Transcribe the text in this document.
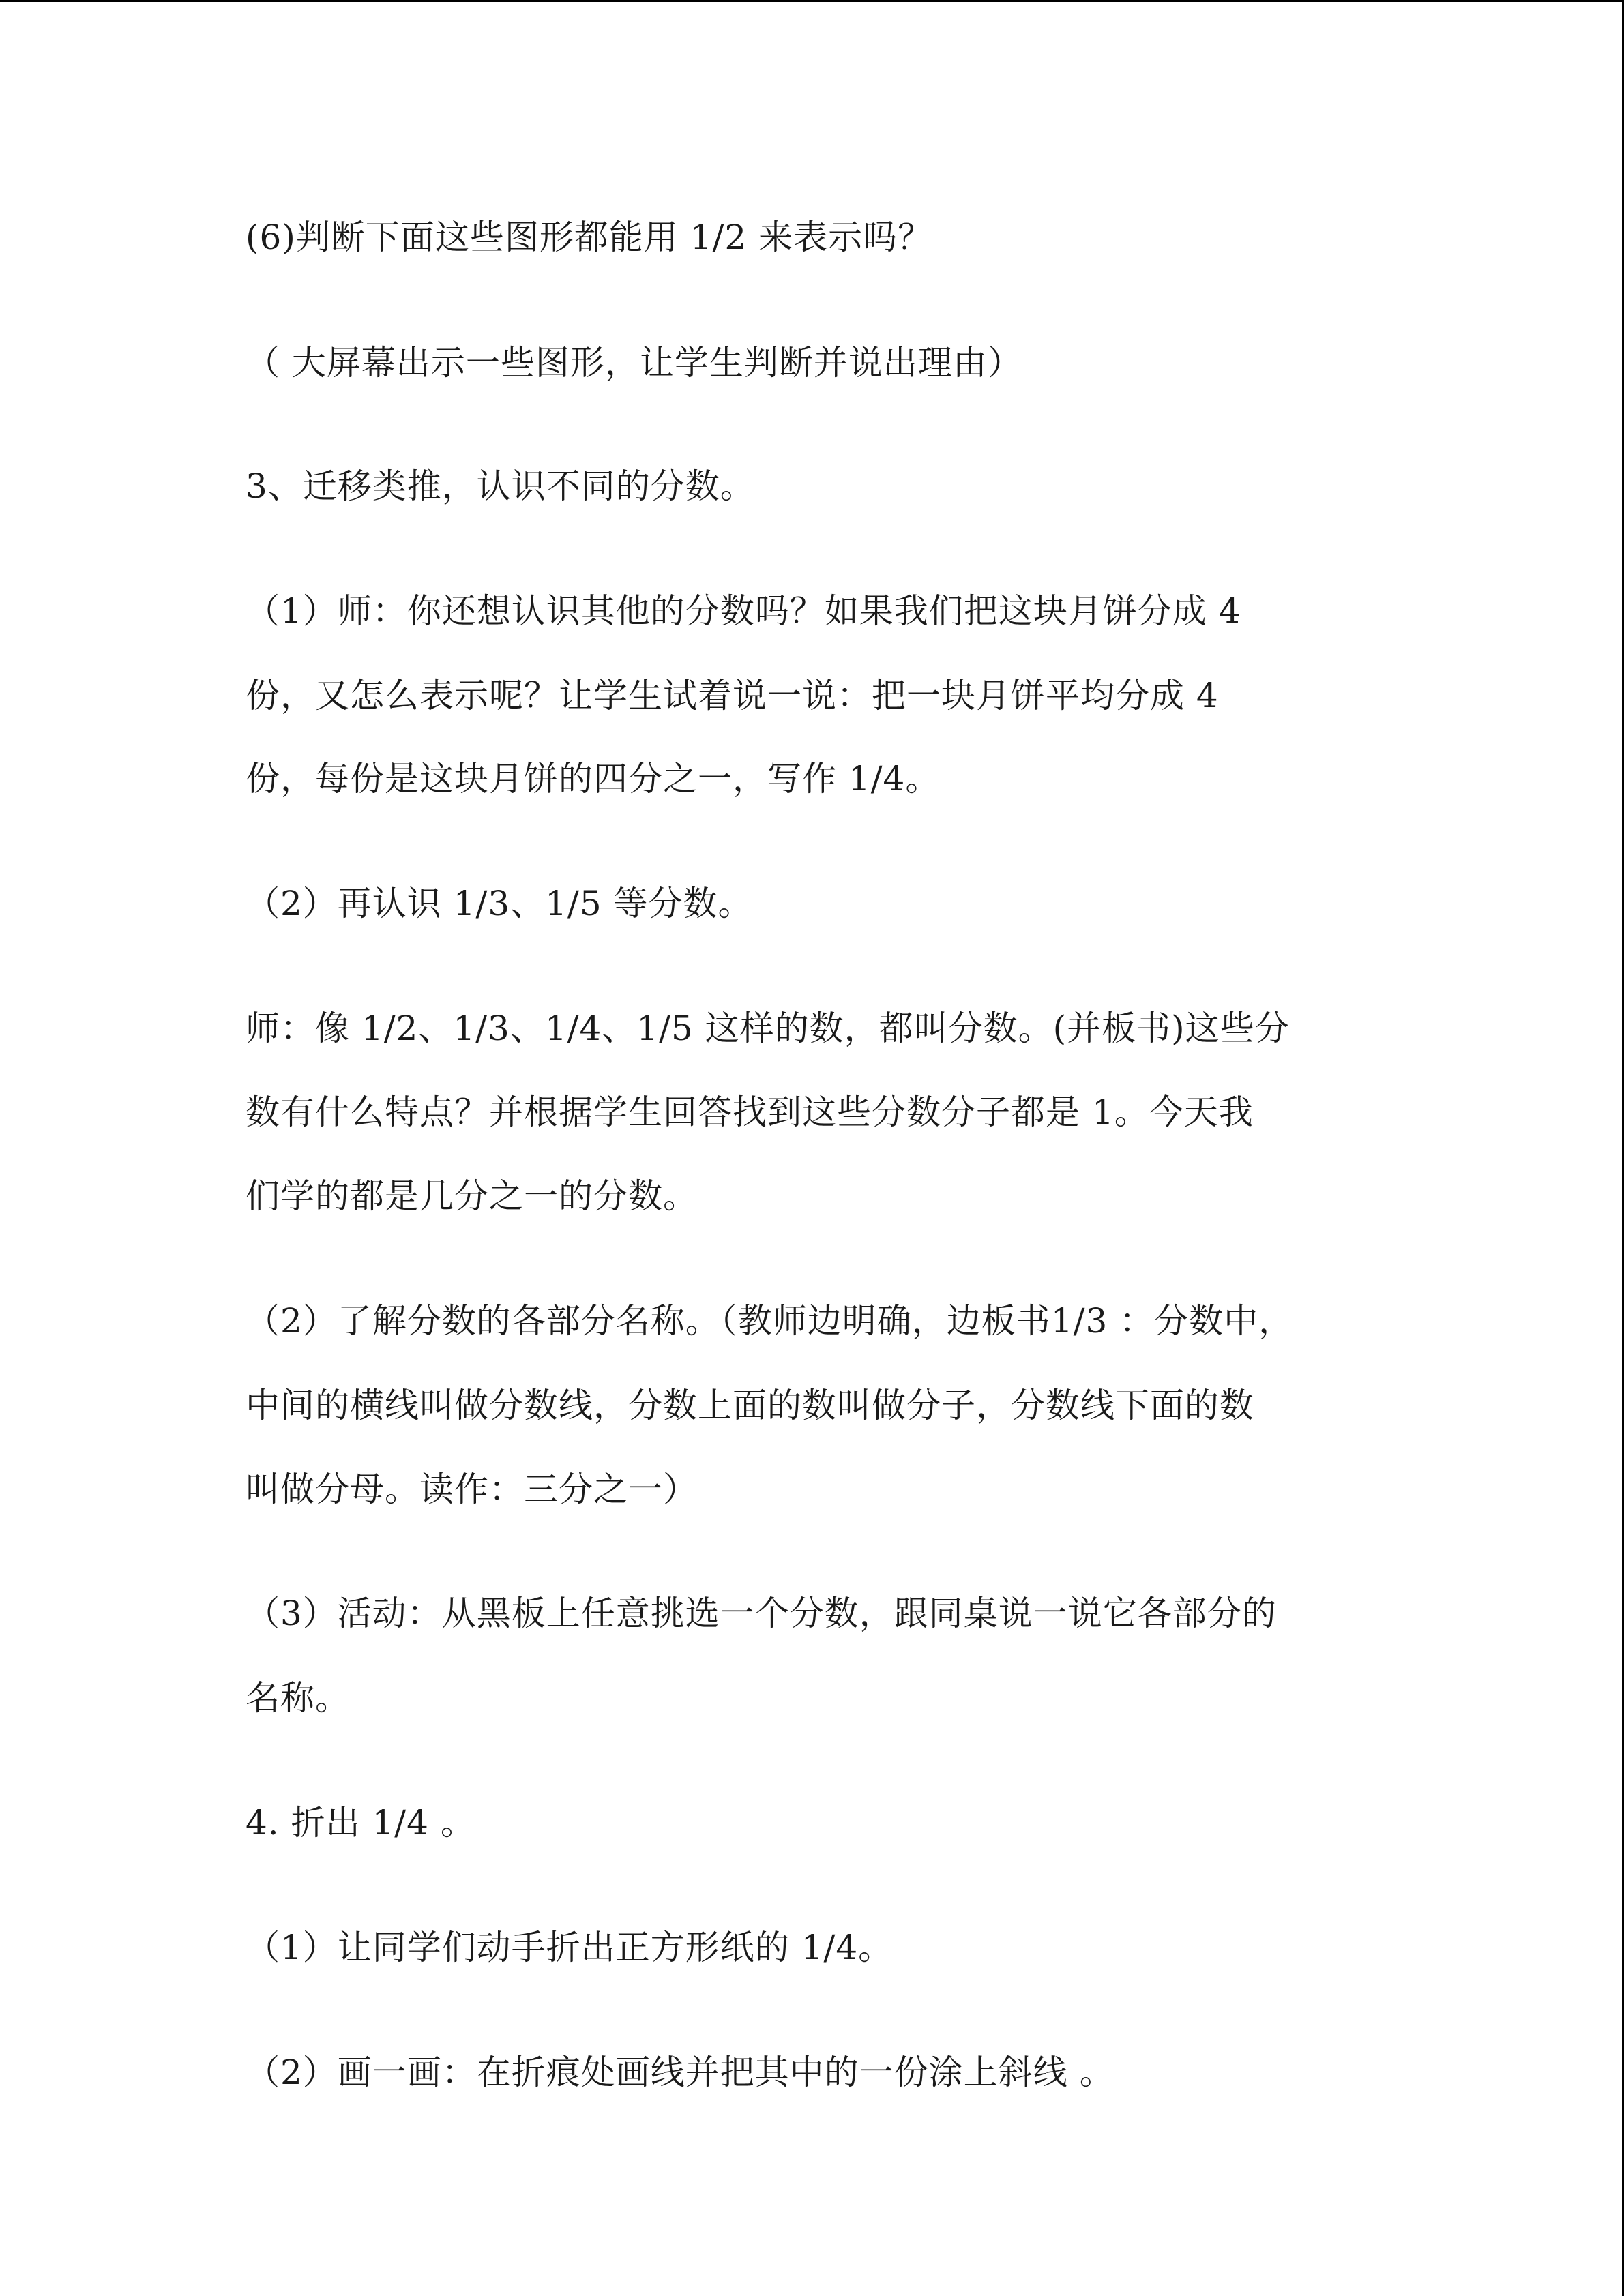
(6)判断下面这些图形都能用 1/2 来表示吗？
（ 大屏幕出示一些图形，让学生判断并说出理由）
3、迁移类推，认识不同的分数。
（1）师：你还想认识其他的分数吗？如果我们把这块月饼分成 4
份，又怎么表示呢？让学生试着说一说：把一块月饼平均分成 4
份，每份是这块月饼的四分之一，写作 1/4。
（2）再认识 1/3、1/5 等分数。
师：像 1/2、1/3、1/4、1/5 这样的数，都叫分数。(并板书)这些分
数有什么特点？并根据学生回答找到这些分数分子都是 1。今天我
们学的都是几分之一的分数。
（2）了解分数的各部分名称。（教师边明确，边板书1/3 ：分数中，
中间的横线叫做分数线，分数上面的数叫做分子，分数线下面的数
叫做分母。读作：三分之一）
（3）活动：从黑板上任意挑选一个分数，跟同桌说一说它各部分的
名称。
4. 折出 1/4 。
（1）让同学们动手折出正方形纸的 1/4。
（2）画一画：在折痕处画线并把其中的一份涂上斜线 。
